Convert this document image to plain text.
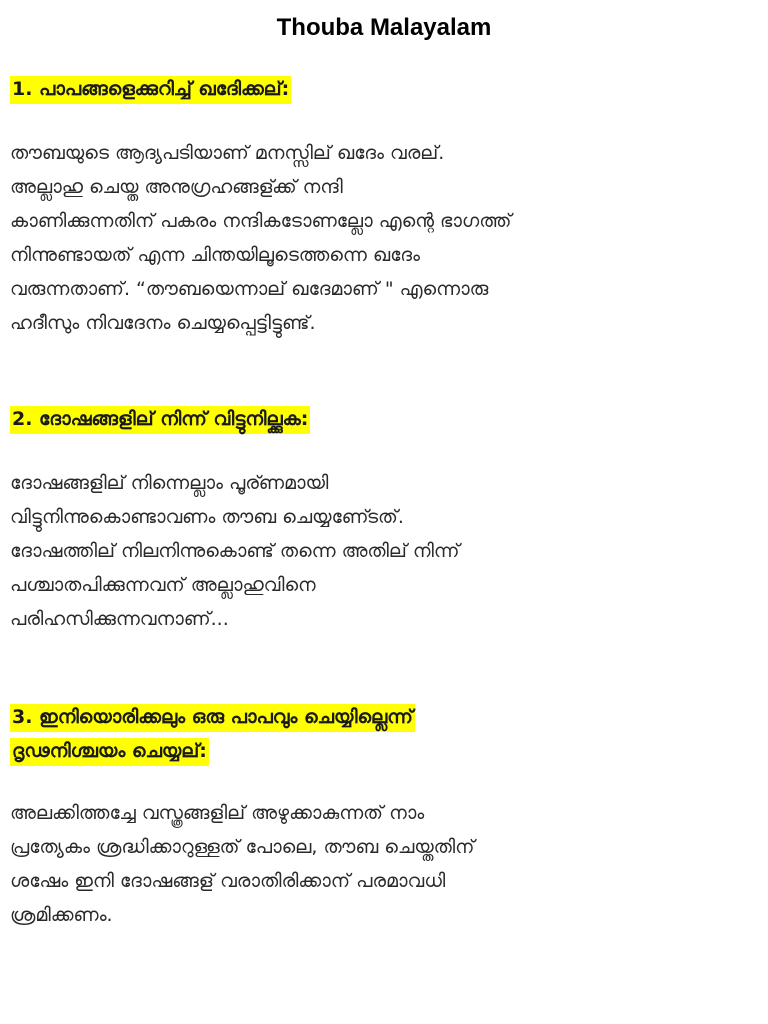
Thouba Malayalam
1. പാപങ്ങളെക്കുറിച്ച് ഖദേിക്കല്:
തൗബയുടെ ആദ്യപടിയാണ് മനസ്സില് ഖദേം വരല്.
അല്ലാഹു ചെയ്ത അനുഗ്രഹങ്ങള്ക്ക് നന്ദി
കാണിക്കുന്നതിന് പകരം നന്ദികടോണല്ലോ എന്റെ ഭാഗത്ത്
നിന്നുണ്ടായത് എന്ന ചിന്തയിലൂടെത്തന്നെ ഖദേം
വരുന്നതാണ്. “തൗബയെന്നാല് ഖദേമാണ് " എന്നൊരു
ഹദീസും നിവദേനം ചെയ്യപ്പെട്ടിട്ടുണ്ട്.
2. ദോഷങ്ങളില് നിന്ന് വിട്ടുനില്ക്കുക:
ദോഷങ്ങളില് നിന്നെല്ലാം പൂര്ണമായി
വിട്ടുനിന്നുകൊണ്ടാവണം തൗബ ചെയ്യണേ്ടത്.
ദോഷത്തില് നിലനിന്നുകൊണ്ട് തന്നെ അതില് നിന്ന്
പശ്ചാതപിക്കുന്നവന് അല്ലാഹുവിനെ
പരിഹസിക്കുന്നവനാണ്...
3. ഇനിയൊരിക്കലും ഒരു പാപവും ചെയ്യില്ലെന്ന്
ദൃഢനിശ്ചയം ചെയ്യല്:
അലക്കിത്തച്ചേ വസ്ത്രങ്ങളില് അഴുക്കാകുന്നത് നാം
പ്രത്യേകം ശ്രദ്ധിക്കാറുള്ളത് പോലെ, തൗബ ചെയ്തതിന്
ശഷേം ഇനി ദോഷങ്ങള് വരാതിരിക്കാന് പരമാവധി
ശ്രമിക്കണം.
